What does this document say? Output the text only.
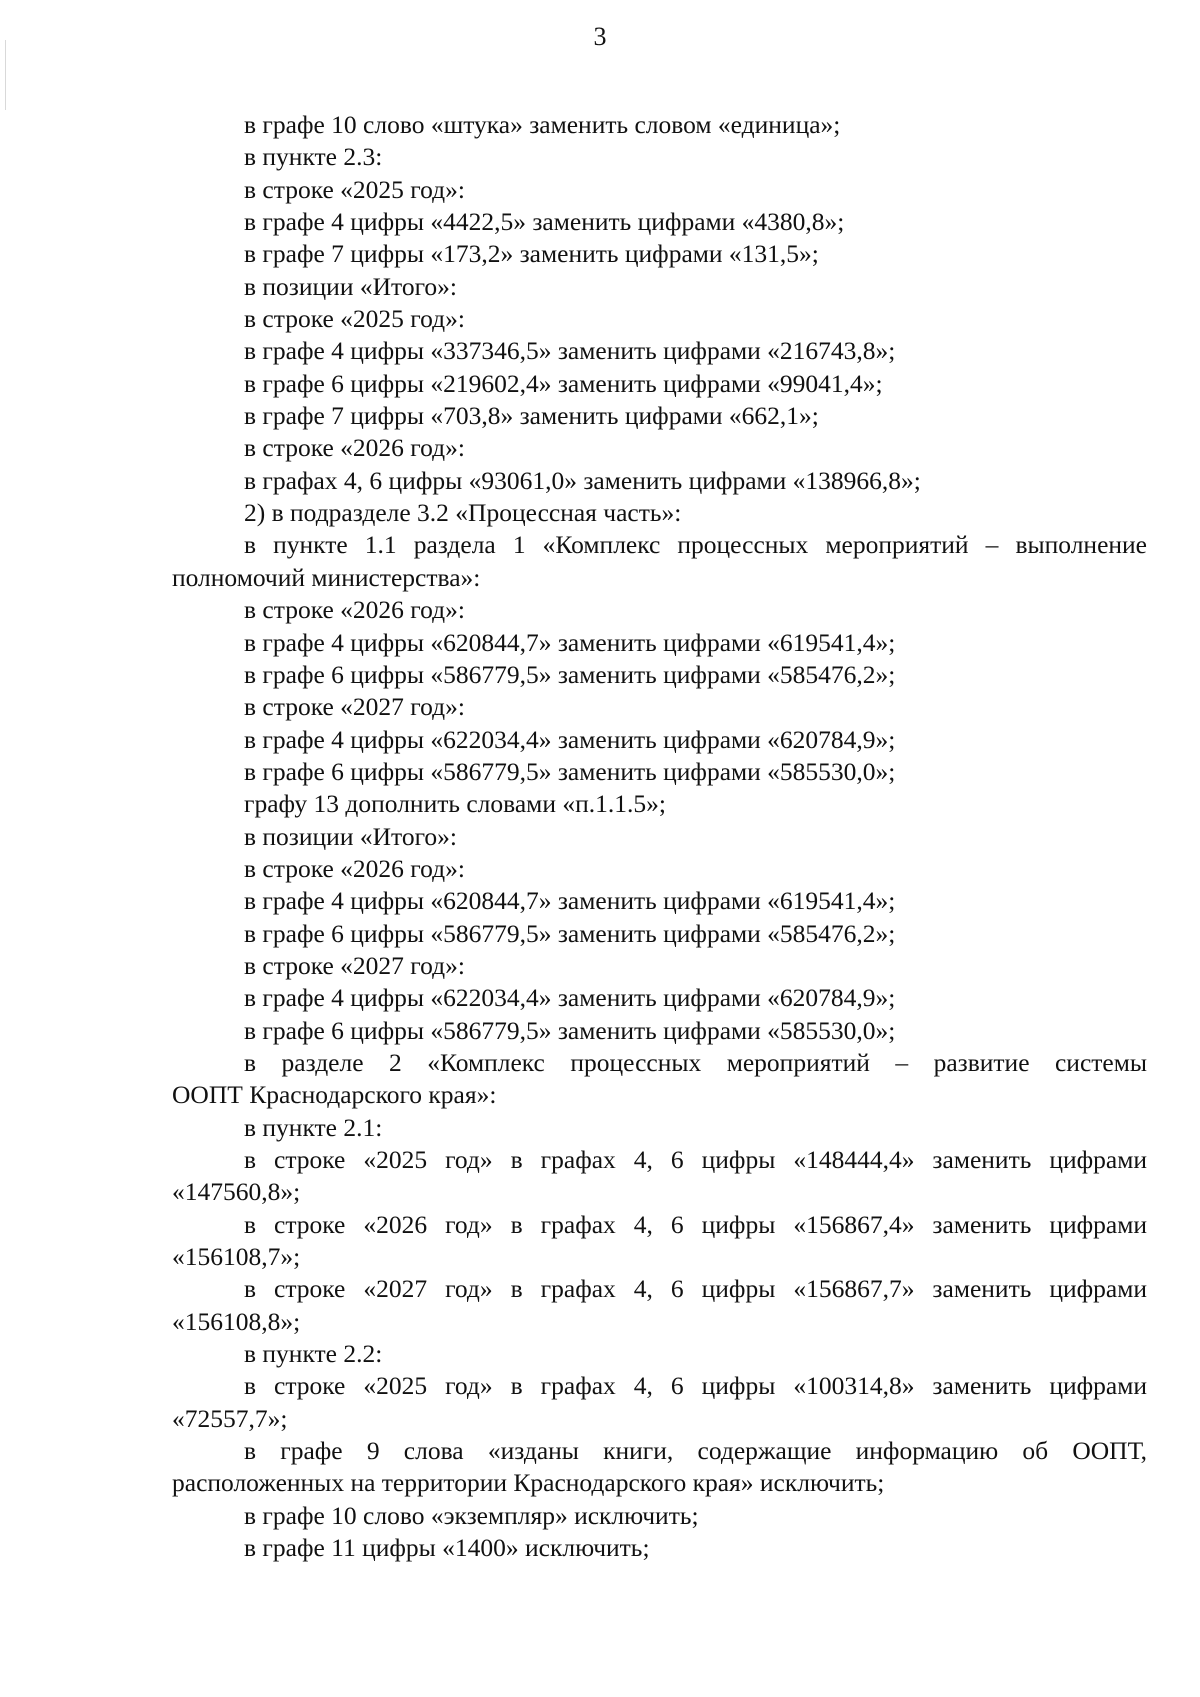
3
в графе 10 слово «штука» заменить словом «единица»;
в пункте 2.3:
в строке «2025 год»:
в графе 4 цифры «4422,5» заменить цифрами «4380,8»;
в графе 7 цифры «173,2» заменить цифрами «131,5»;
в позиции «Итого»:
в строке «2025 год»:
в графе 4 цифры «337346,5» заменить цифрами «216743,8»;
в графе 6 цифры «219602,4» заменить цифрами «99041,4»;
в графе 7 цифры «703,8» заменить цифрами «662,1»;
в строке «2026 год»:
в графах 4, 6 цифры «93061,0» заменить цифрами «138966,8»;
2) в подразделе 3.2 «Процессная часть»:
в пункте 1.1 раздела 1 «Комплекс процессных мероприятий – выполнение
полномочий министерства»:
в строке «2026 год»:
в графе 4 цифры «620844,7» заменить цифрами «619541,4»;
в графе 6 цифры «586779,5» заменить цифрами «585476,2»;
в строке «2027 год»:
в графе 4 цифры «622034,4» заменить цифрами «620784,9»;
в графе 6 цифры «586779,5» заменить цифрами «585530,0»;
графу 13 дополнить словами «п.1.1.5»;
в позиции «Итого»:
в строке «2026 год»:
в графе 4 цифры «620844,7» заменить цифрами «619541,4»;
в графе 6 цифры «586779,5» заменить цифрами «585476,2»;
в строке «2027 год»:
в графе 4 цифры «622034,4» заменить цифрами «620784,9»;
в графе 6 цифры «586779,5» заменить цифрами «585530,0»;
в разделе 2 «Комплекс процессных мероприятий – развитие системы
ООПТ Краснодарского края»:
в пункте 2.1:
в строке «2025 год» в графах 4, 6 цифры «148444,4» заменить цифрами
«147560,8»;
в строке «2026 год» в графах 4, 6 цифры «156867,4» заменить цифрами
«156108,7»;
в строке «2027 год» в графах 4, 6 цифры «156867,7» заменить цифрами
«156108,8»;
в пункте 2.2:
в строке «2025 год» в графах 4, 6 цифры «100314,8» заменить цифрами
«72557,7»;
в графе 9 слова «изданы книги, содержащие информацию об ООПТ,
расположенных на территории Краснодарского края» исключить;
в графе 10 слово «экземпляр» исключить;
в графе 11 цифры «1400» исключить;
